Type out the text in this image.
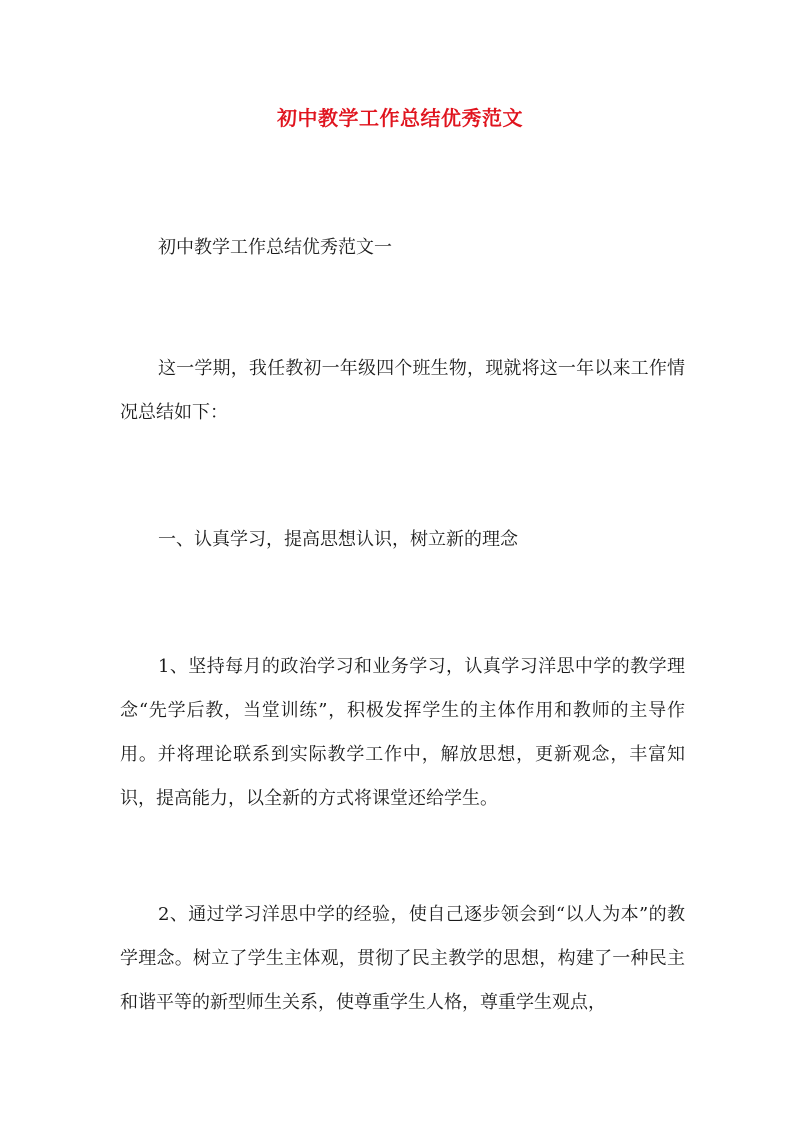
初中教学工作总结优秀范文

初中教学工作总结优秀范文一

这一学期，我任教初一年级四个班生物，现就将这一年以来工作情况总结如下：

一、认真学习，提高思想认识，树立新的理念

1、坚持每月的政治学习和业务学习，认真学习洋思中学的教学理念“先学后教，当堂训练”，积极发挥学生的主体作用和教师的主导作用。并将理论联系到实际教学工作中，解放思想，更新观念，丰富知识，提高能力，以全新的方式将课堂还给学生。

2、通过学习洋思中学的经验，使自己逐步领会到“以人为本”的教学理念。树立了学生主体观，贯彻了民主教学的思想，构建了一种民主和谐平等的新型师生关系，使尊重学生人格，尊重学生观点，
